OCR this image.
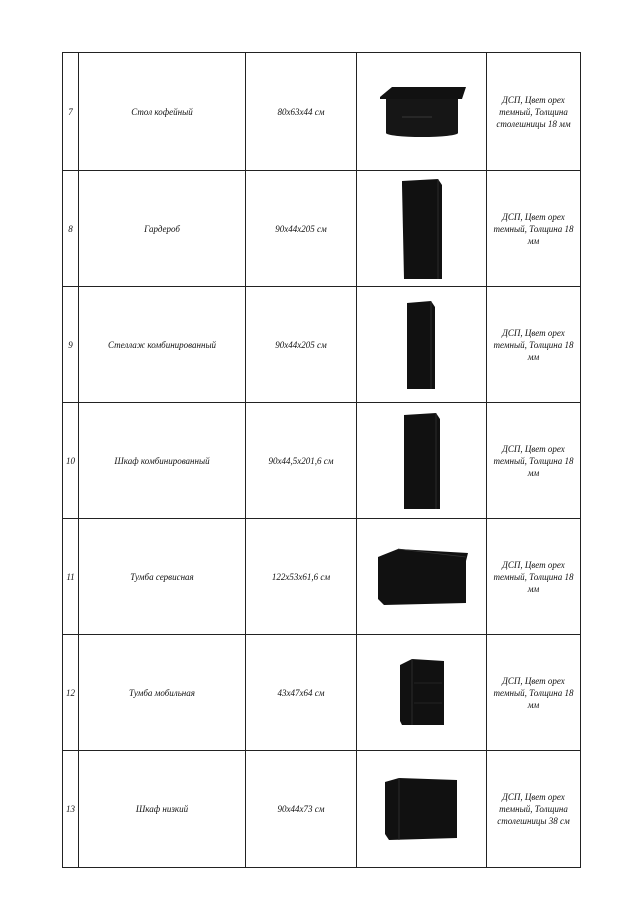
7	Стол кофейный	80х63х44 см		ДСП, Цвет орех темный, Толщина столешницы 18 мм
8	Гардероб	90х44х205 см		ДСП, Цвет орех темный, Толщина 18 мм
9	Стеллаж комбинированный	90х44х205 см		ДСП, Цвет орех темный, Толщина 18 мм
10	Шкаф комбинированный	90х44,5х201,6 см		ДСП, Цвет орех темный, Толщина 18 мм
11	Тумба сервисная	122х53х61,6 см		ДСП, Цвет орех темный, Толщина 18 мм
12	Тумба мобильная	43х47х64 см		ДСП, Цвет орех темный, Толщина 18 мм
13	Шкаф низкий	90х44х73 см		ДСП, Цвет орех темный, Толщина столешницы 38 см
